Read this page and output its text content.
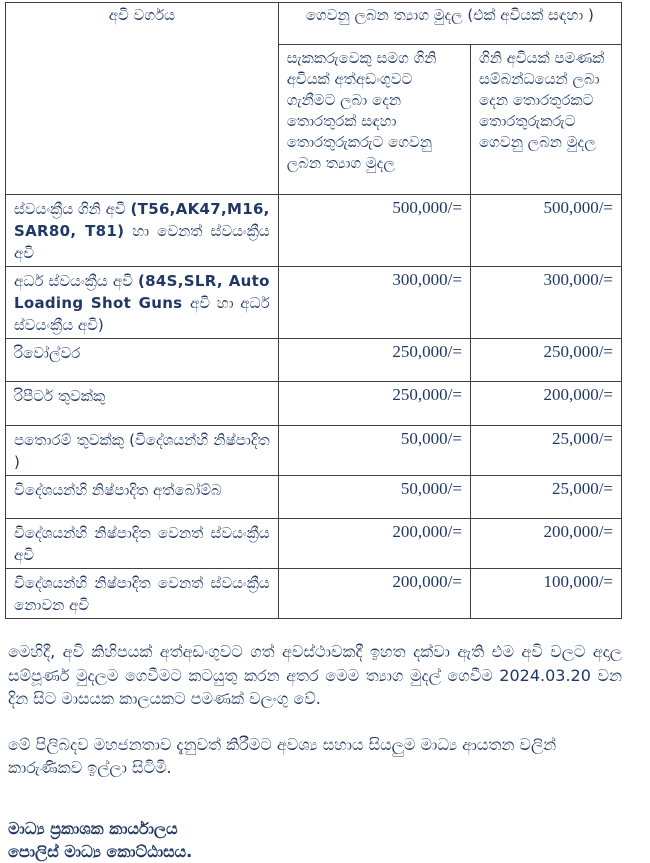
අවි වර්ගය	ගෙවනු ලබන ත්‍යාග මුදල (එක් අවියක් සඳහා )	
	සැකකරුවෙකු සමග ගිනි අවියක් අත්අඩංගුවට ගැනීමට ලබා දෙන තොරතුරක් සඳහා තොරතුරුකරුට ගෙවනු ලබන ත්‍යාග මුදල	ගිනි අවියක් පමණක් සම්බන්ධයෙන් ලබා දෙන තොරතුරකට තොරතුරුකරුට ගෙවනු ලබන මුදල
ස්වයංක්‍රීය ගිනි අවි (T56,AK47,M16, SAR80, T81) හා වෙනත් ස්වයංක්‍රීය අවි	500,000/=	500,000/=
අර්ධ ස්වයංක්‍රීය අවි (84S,SLR, Auto Loading Shot Guns අවි හා අර්ධ ස්වයංක්‍රීය අවි)	300,000/=	300,000/=
රිවෝල්වර	250,000/=	250,000/=
රිපීටර් තුවක්කු	250,000/=	200,000/=
පතොරම් තුවක්කු (විදේශයන්හි නිෂ්පාදිත )	50,000/=	25,000/=
විදේශයන්හි නිෂ්පාදිත අත්බෝම්බ	50,000/=	25,000/=
විදේශයන්හි නිෂ්පාදිත වෙනත් ස්වයංක්‍රීය අවි	200,000/=	200,000/=
විදේශයන්හි නිෂ්පාදිත වෙනත් ස්වයංක්‍රීය නොවන අවි	200,000/=	100,000/=

මෙහිදී, අවි කිහිපයක් අත්අඩංගුවට ගත් අවස්ථාවකදී ඉහත දක්වා ඇති එම අවි වලට අදාල සම්පූර්ණ මුදලම ගෙවීමට කටයුතු කරන අතර මෙම ත්‍යාග මුදල් ගෙවීම 2024.03.20 වන දින සිට මාසයක කාලයකට පමණක් වලංගු වේ.

මේ පිලිබදව මහජනතාව දැනුවත් කිරීමට අවශ්‍ය සහාය සියලුම මාධ්‍ය ආයතන වලින් කාරුණිකව ඉල්ලා සිටිමි.

මාධ්‍ය ප්‍රකාශක කාර්යාලය
පොලිස් මාධ්‍ය කොට්ඨාසය.
